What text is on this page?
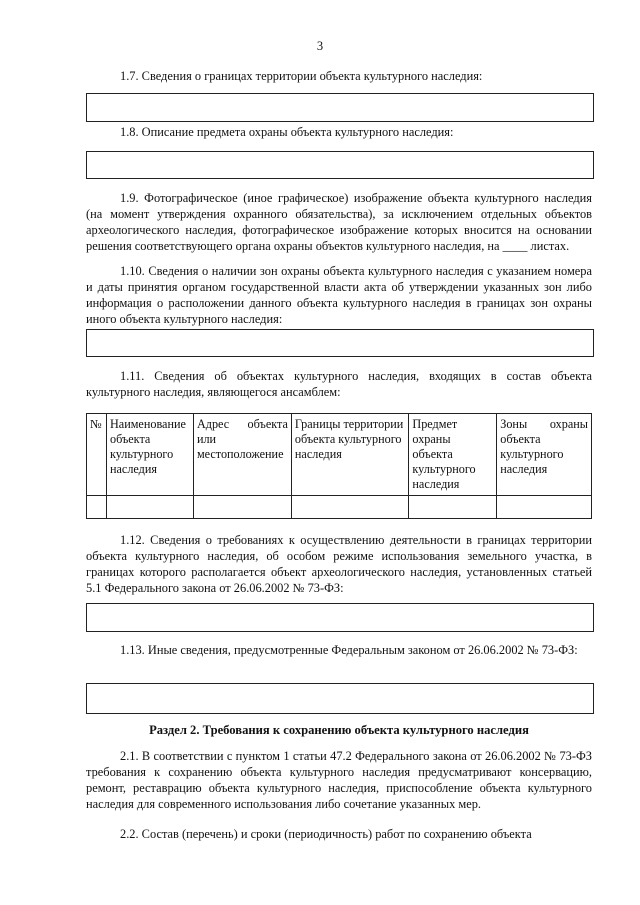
3
1.7. Сведения о границах территории объекта культурного наследия:
1.8. Описание предмета охраны объекта культурного наследия:
1.9. Фотографическое (иное графическое) изображение объекта культурного наследия (на момент утверждения охранного обязательства), за исключением отдельных объектов археологического наследия, фотографическое изображение которых вносится на основании решения соответствующего органа охраны объектов культурного наследия, на ____ листах.
1.10. Сведения о наличии зон охраны объекта культурного наследия с указанием номера и даты принятия органом государственной власти акта об утверждении указанных зон либо информация о расположении данного объекта культурного наследия в границах зон охраны иного объекта культурного наследия:
1.11. Сведения об объектах культурного наследия, входящих в состав объекта культурного наследия, являющегося ансамблем:
№	Наименование объекта культурного наследия	Адрес объекта или местоположение	Границы территории объекта культурного наследия	Предмет охраны объекта культурного наследия	Зоны охраны объекта культурного наследия

1.12. Сведения о требованиях к осуществлению деятельности в границах территории объекта культурного наследия, об особом режиме использования земельного участка, в границах которого располагается объект археологического наследия, установленных статьей 5.1 Федерального закона от 26.06.2002 № 73-ФЗ:
1.13. Иные сведения, предусмотренные Федеральным законом от 26.06.2002 № 73-ФЗ:
Раздел 2. Требования к сохранению объекта культурного наследия
2.1. В соответствии с пунктом 1 статьи 47.2 Федерального закона от 26.06.2002 № 73-ФЗ требования к сохранению объекта культурного наследия предусматривают консервацию, ремонт, реставрацию объекта культурного наследия, приспособление объекта культурного наследия для современного использования либо сочетание указанных мер.
2.2. Состав (перечень) и сроки (периодичность) работ по сохранению объекта
